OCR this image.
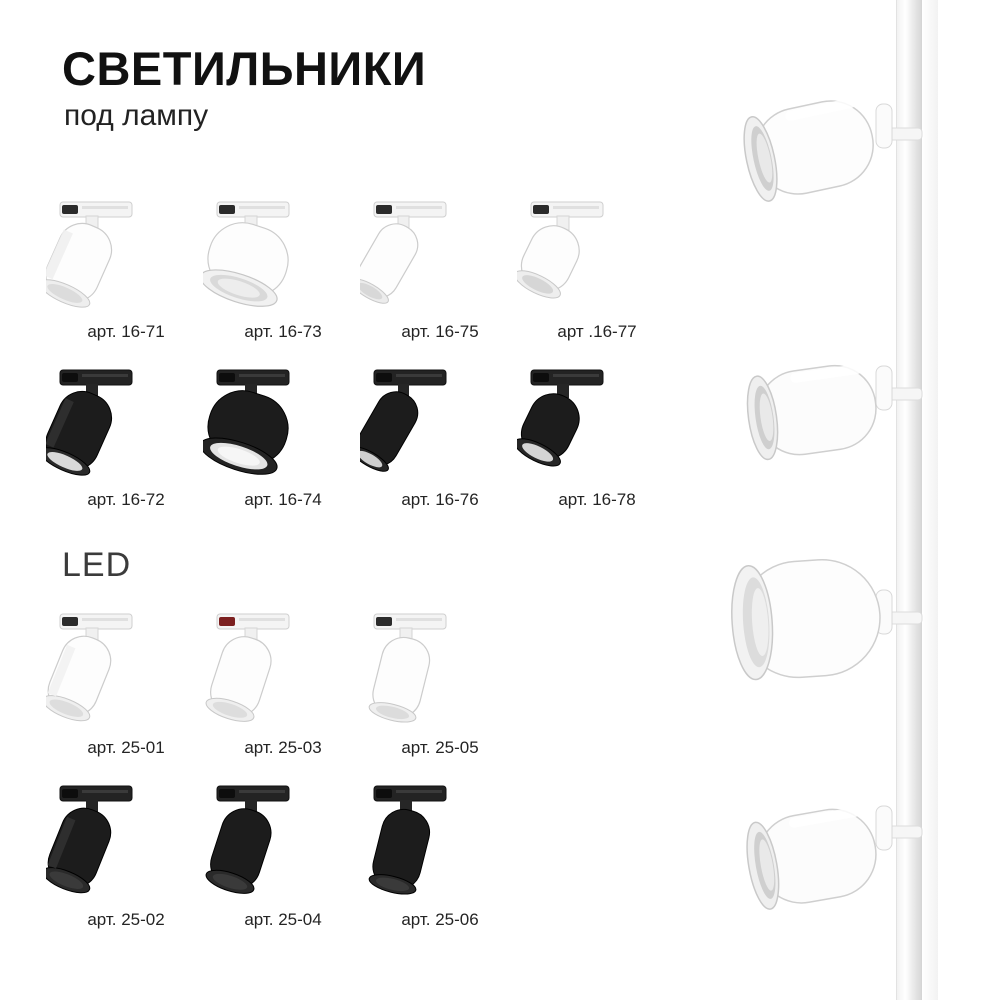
СВЕТИЛЬНИКИ
под лампу
арт. 16-71	арт. 16-73	арт. 16-75	арт .16-77
арт. 16-72	арт. 16-74	арт. 16-76	арт. 16-78
LED
арт. 25-01	арт. 25-03	арт. 25-05
арт. 25-02	арт. 25-04	арт. 25-06
